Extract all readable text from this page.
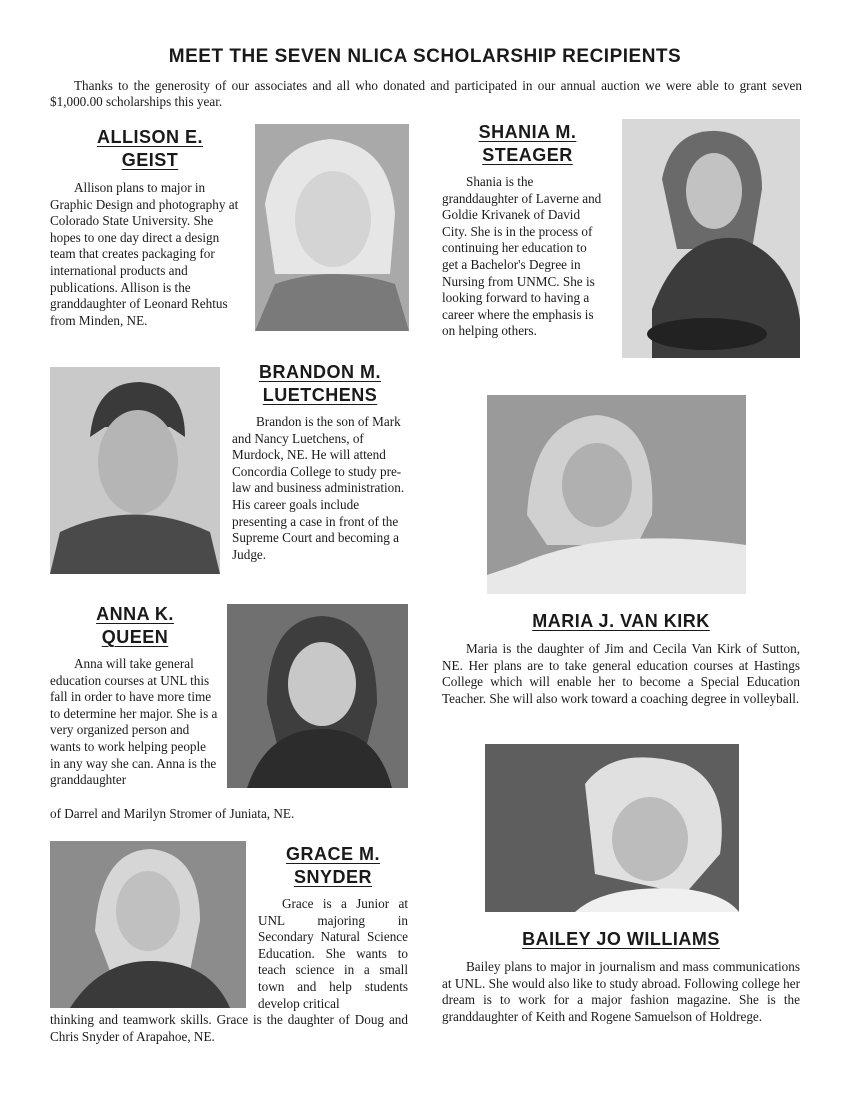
MEET THE SEVEN NLICA SCHOLARSHIP RECIPIENTS
Thanks to the generosity of our associates and all who donated and participated in our annual auction we were able to grant seven $1,000.00 scholarships this year.
ALLISON E.
GEIST
Allison plans to major in Graphic Design and photography at Colorado State University. She hopes to one day direct a design team that creates packaging for international products and publications. Allison is the granddaughter of Leonard Rehtus from Minden, NE.
SHANIA M.
STEAGER
Shania is the granddaughter of Laverne and Goldie Krivanek of David City. She is in the process of continuing her education to get a Bachelor's Degree in Nursing from UNMC. She is looking forward to having a career where the emphasis is on helping others.
BRANDON M.
LUETCHENS
Brandon is the son of Mark and Nancy Luetchens, of Murdock, NE. He will attend Concordia College to study pre-law and business administration. His career goals include presenting a case in front of the Supreme Court and becoming a Judge.
MARIA J. VAN KIRK
Maria is the daughter of Jim and Cecila Van Kirk of Sutton, NE. Her plans are to take general education courses at Hastings College which will enable her to become a Special Education Teacher. She will also work toward a coaching degree in volleyball.
ANNA K.
QUEEN
Anna will take general education courses at UNL this fall in order to have more time to determine her major. She is a very organized person and wants to work helping people in any way she can. Anna is the granddaughter
of Darrel and Marilyn Stromer of Juniata, NE.
BAILEY JO WILLIAMS
Bailey plans to major in journalism and mass communications at UNL. She would also like to study abroad. Following college her dream is to work for a major fashion magazine. She is the granddaughter of Keith and Rogene Samuelson of Holdrege.
GRACE M.
SNYDER
Grace is a Junior at UNL majoring in Secondary Natural Science Education. She wants to teach science in a small town and help students develop critical
thinking and teamwork skills. Grace is the daughter of Doug and Chris Snyder of Arapahoe, NE.
